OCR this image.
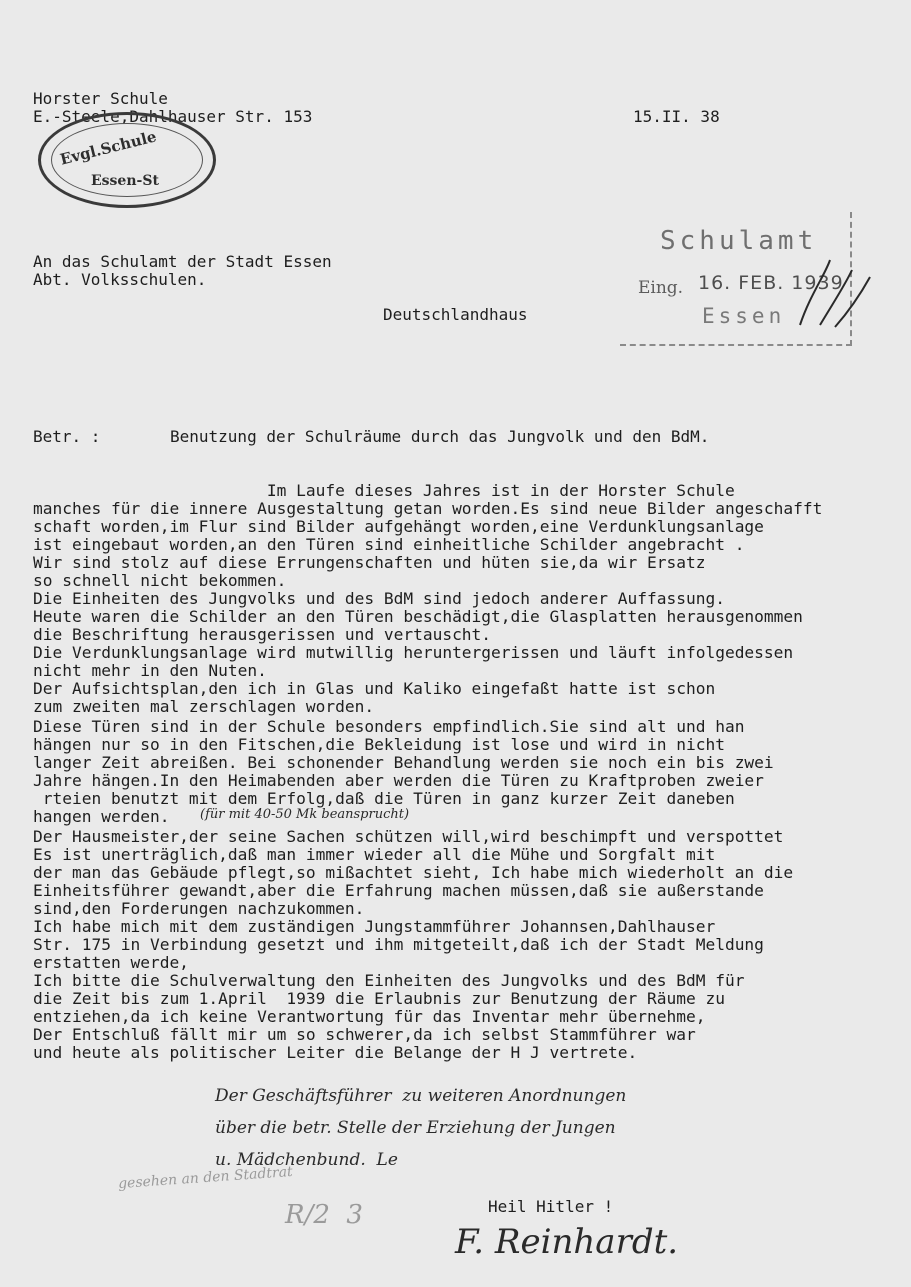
Horster Schule
E.-Steele,Dahlhauser Str. 153	15.II. 38
Evgl.Schule
Essen-St
An das Schulamt der Stadt Essen
Abt. Volksschulen.
Deutschlandhaus
Schulamt
Eing. 16. FEB. 1939
Essen
Betr. :	Benutzung der Schulräume durch das Jungvolk und den BdM.
Im Laufe dieses Jahres ist in der Horster Schule
manches für die innere Ausgestaltung getan worden.Es sind neue Bilder angeschafft
schaft worden,im Flur sind Bilder aufgehängt worden,eine Verdunklungsanlage
ist eingebaut worden,an den Türen sind einheitliche Schilder angebracht .
Wir sind stolz auf diese Errungenschaften und hüten sie,da wir Ersatz
so schnell nicht bekommen.
Die Einheiten des Jungvolks und des BdM sind jedoch anderer Auffassung.
Heute waren die Schilder an den Türen beschädigt,die Glasplatten herausgenommen
die Beschriftung herausgerissen und vertauscht.
Die Verdunklungsanlage wird mutwillig heruntergerissen und läuft infolgedessen
nicht mehr in den Nuten.
Der Aufsichtsplan,den ich in Glas und Kaliko eingefaßt hatte ist schon
zum zweiten mal zerschlagen worden.
Diese Türen sind in der Schule besonders empfindlich.Sie sind alt und han
hängen nur so in den Fitschen,die Bekleidung ist lose und wird in nicht
langer Zeit abreißen. Bei schonender Behandlung werden sie noch ein bis zwei
Jahre hängen.In den Heimabenden aber werden die Türen zu Kraftproben zweier
rteien benutzt mit dem Erfolg,daß die Türen in ganz kurzer Zeit daneben
hangen werden.
Der Hausmeister,der seine Sachen schützen will,wird beschimpft und verspottet
Es ist unerträglich,daß man immer wieder all die Mühe und Sorgfalt mit
der man das Gebäude pflegt,so mißachtet sieht, Ich habe mich wiederholt an die
Einheitsführer gewandt,aber die Erfahrung machen müssen,daß sie außerstande
sind,den Forderungen nachzukommen.
Ich habe mich mit dem zuständigen Jungstammführer Johannsen,Dahlhauser
Str. 175 in Verbindung gesetzt und ihm mitgeteilt,daß ich der Stadt Meldung
erstatten werde,
Ich bitte die Schulverwaltung den Einheiten des Jungvolks und des BdM für
die Zeit bis zum 1.April  1939 die Erlaubnis zur Benutzung der Räume zu
entziehen,da ich keine Verantwortung für das Inventar mehr übernehme,
Der Entschluß fällt mir um so schwerer,da ich selbst Stammführer war
und heute als politischer Leiter die Belange der H J vertrete.
(für mit 40-50 Mk beansprucht)
Der Geschäftsführer  zu weiteren Anordnungen
über die betr. Stelle der Erziehung der Jungen
u. Mädchenbund.  Le
gesehen an den Stadtrat
R/2  3	Heil Hitler !
F. Reinhardt.
